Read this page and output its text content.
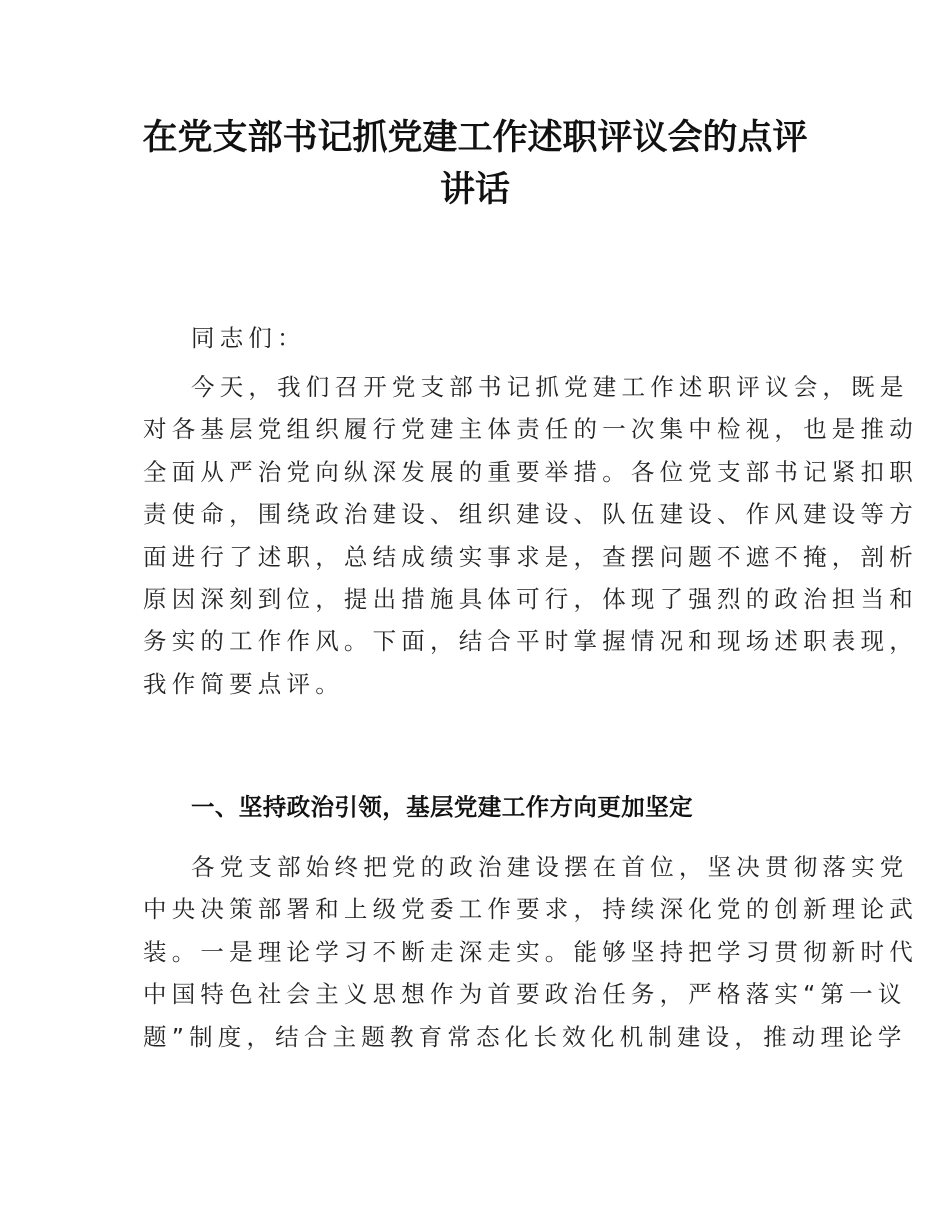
在党支部书记抓党建工作述职评议会的点评
讲话
同志们：
今天，我们召开党支部书记抓党建工作述职评议会，既是
对各基层党组织履行党建主体责任的一次集中检视，也是推动
全面从严治党向纵深发展的重要举措。各位党支部书记紧扣职
责使命，围绕政治建设、组织建设、队伍建设、作风建设等方
面进行了述职，总结成绩实事求是，查摆问题不遮不掩，剖析
原因深刻到位，提出措施具体可行，体现了强烈的政治担当和
务实的工作作风。下面，结合平时掌握情况和现场述职表现，
我作简要点评。
一、坚持政治引领，基层党建工作方向更加坚定
各党支部始终把党的政治建设摆在首位，坚决贯彻落实党
中央决策部署和上级党委工作要求，持续深化党的创新理论武
装。一是理论学习不断走深走实。能够坚持把学习贯彻新时代
中国特色社会主义思想作为首要政治任务，严格落实“第一议
题”制度，结合主题教育常态化长效化机制建设，推动理论学
